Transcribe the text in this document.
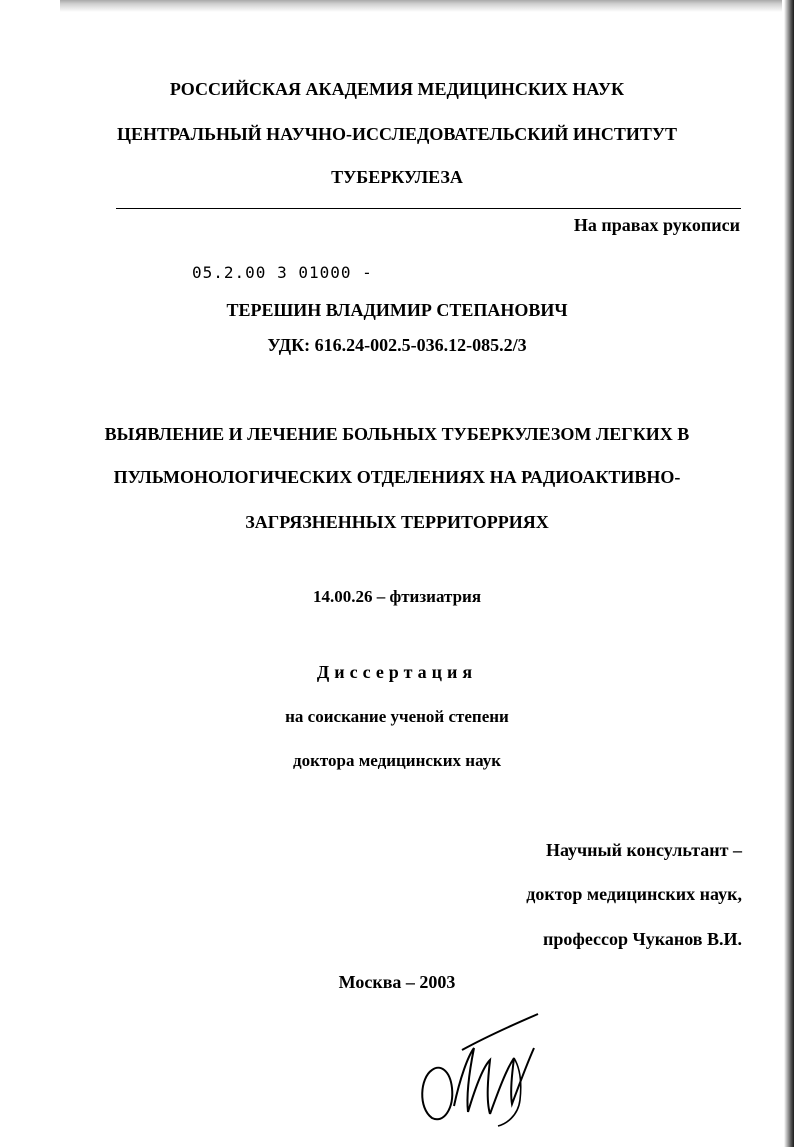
РОССИЙСКАЯ АКАДЕМИЯ МЕДИЦИНСКИХ НАУК
ЦЕНТРАЛЬНЫЙ НАУЧНО-ИССЛЕДОВАТЕЛЬСКИЙ ИНСТИТУТ
ТУБЕРКУЛЕЗА
На правах рукописи
05.2.00 3 01000 -
ТЕРЕШИН ВЛАДИМИР СТЕПАНОВИЧ
УДК: 616.24-002.5-036.12-085.2/3
ВЫЯВЛЕНИЕ И ЛЕЧЕНИЕ БОЛЬНЫХ ТУБЕРКУЛЕЗОМ ЛЕГКИХ В
ПУЛЬМОНОЛОГИЧЕСКИХ ОТДЕЛЕНИЯХ НА РАДИОАКТИВНО-
ЗАГРЯЗНЕННЫХ ТЕРРИТОРРИЯХ
14.00.26 – фтизиатрия
Диссертация
на соискание ученой степени
доктора медицинских наук
Научный консультант –
доктор медицинских наук,
профессор Чуканов В.И.
Москва – 2003
